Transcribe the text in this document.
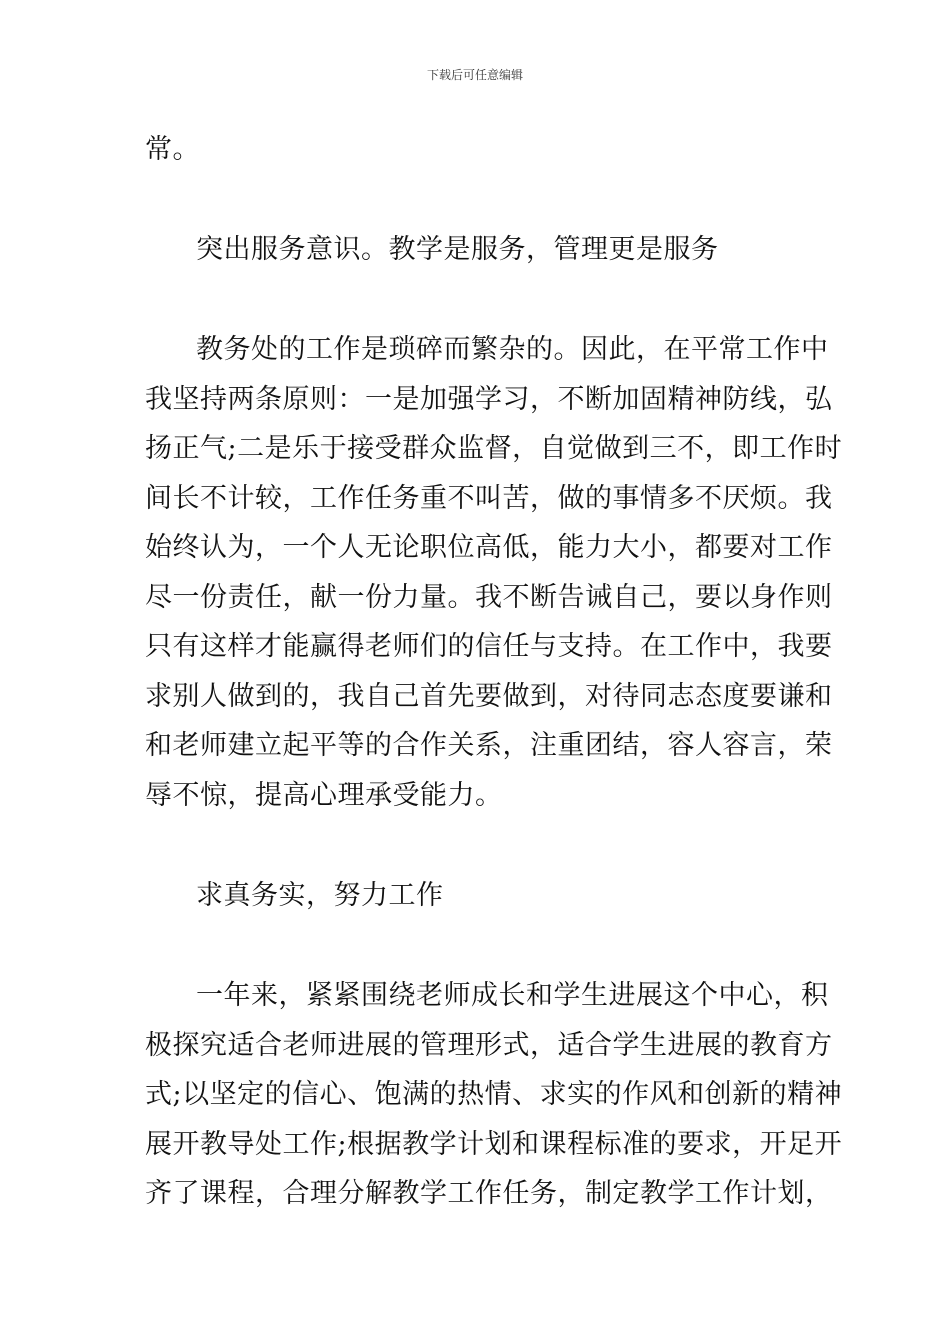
下载后可任意编辑
常。
突出服务意识。教学是服务，管理更是服务
教务处的工作是琐碎而繁杂的。因此，在平常工作中
我坚持两条原则：一是加强学习，不断加固精神防线，弘
扬正气;二是乐于接受群众监督，自觉做到三不，即工作时
间长不计较，工作任务重不叫苦，做的事情多不厌烦。我
始终认为，一个人无论职位高低，能力大小，都要对工作
尽一份责任，献一份力量。我不断告诫自己，要以身作则
只有这样才能赢得老师们的信任与支持。在工作中，我要
求别人做到的，我自己首先要做到，对待同志态度要谦和
和老师建立起平等的合作关系，注重团结，容人容言，荣
辱不惊，提高心理承受能力。
求真务实，努力工作
一年来，紧紧围绕老师成长和学生进展这个中心，积
极探究适合老师进展的管理形式，适合学生进展的教育方
式;以坚定的信心、饱满的热情、求实的作风和创新的精神
展开教导处工作;根据教学计划和课程标准的要求，开足开
齐了课程，合理分解教学工作任务，制定教学工作计划，
